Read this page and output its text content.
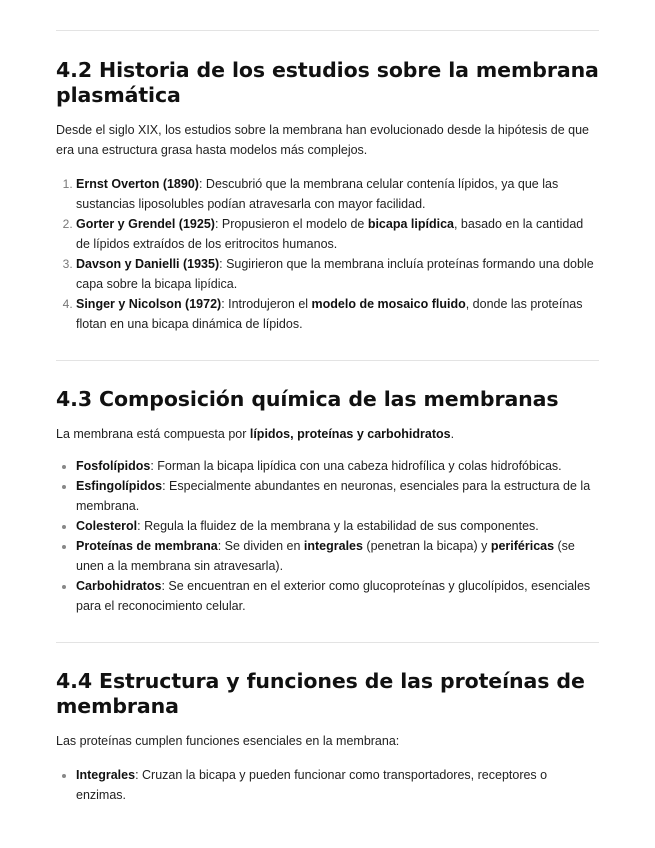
4.2 Historia de los estudios sobre la membrana plasmática

Desde el siglo XIX, los estudios sobre la membrana han evolucionado desde la hipótesis de que era una estructura grasa hasta modelos más complejos.

1. Ernst Overton (1890): Descubrió que la membrana celular contenía lípidos, ya que las sustancias liposolubles podían atravesarla con mayor facilidad.
2. Gorter y Grendel (1925): Propusieron el modelo de bicapa lipídica, basado en la cantidad de lípidos extraídos de los eritrocitos humanos.
3. Davson y Danielli (1935): Sugirieron que la membrana incluía proteínas formando una doble capa sobre la bicapa lipídica.
4. Singer y Nicolson (1972): Introdujeron el modelo de mosaico fluido, donde las proteínas flotan en una bicapa dinámica de lípidos.
4.3 Composición química de las membranas

La membrana está compuesta por lípidos, proteínas y carbohidratos.

• Fosfolípidos: Forman la bicapa lipídica con una cabeza hidrofílica y colas hidrofóbicas.
• Esfingolípidos: Especialmente abundantes en neuronas, esenciales para la estructura de la membrana.
• Colesterol: Regula la fluidez de la membrana y la estabilidad de sus componentes.
• Proteínas de membrana: Se dividen en integrales (penetran la bicapa) y periféricas (se unen a la membrana sin atravesarla).
• Carbohidratos: Se encuentran en el exterior como glucoproteínas y glucolípidos, esenciales para el reconocimiento celular.
4.4 Estructura y funciones de las proteínas de membrana

Las proteínas cumplen funciones esenciales en la membrana:

• Integrales: Cruzan la bicapa y pueden funcionar como transportadores, receptores o enzimas.
